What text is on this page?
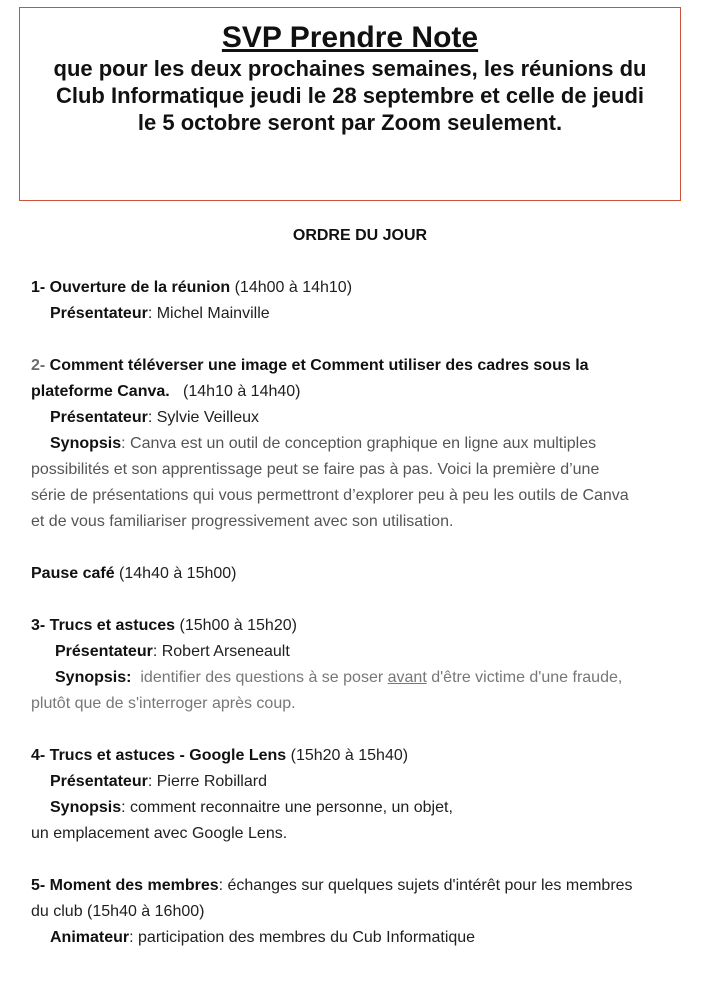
SVP Prendre Note
que pour les deux prochaines semaines, les réunions du Club Informatique jeudi le 28 septembre et celle de jeudi le 5 octobre seront par Zoom seulement.
ORDRE DU JOUR
1- Ouverture de la réunion (14h00 à 14h10)
Présentateur: Michel Mainville
2- Comment téléverser une image et Comment utiliser des cadres sous la
plateforme Canva.   (14h10 à 14h40)
Présentateur: Sylvie Veilleux
Synopsis: Canva est un outil de conception graphique en ligne aux multiples
possibilités et son apprentissage peut se faire pas à pas. Voici la première d’une
série de présentations qui vous permettront d’explorer peu à peu les outils de Canva
et de vous familiariser progressivement avec son utilisation.
Pause café (14h40 à 15h00)
3- Trucs et astuces (15h00 à 15h20)
Présentateur: Robert Arseneault
Synopsis:  identifier des questions à se poser avant d'être victime d'une fraude,
plutôt que de s'interroger après coup.
4- Trucs et astuces - Google Lens (15h20 à 15h40)
Présentateur: Pierre Robillard
Synopsis: comment reconnaitre une personne, un objet,
un emplacement avec Google Lens.
5- Moment des membres: échanges sur quelques sujets d'intérêt pour les membres
du club (15h40 à 16h00)
Animateur: participation des membres du Cub Informatique
